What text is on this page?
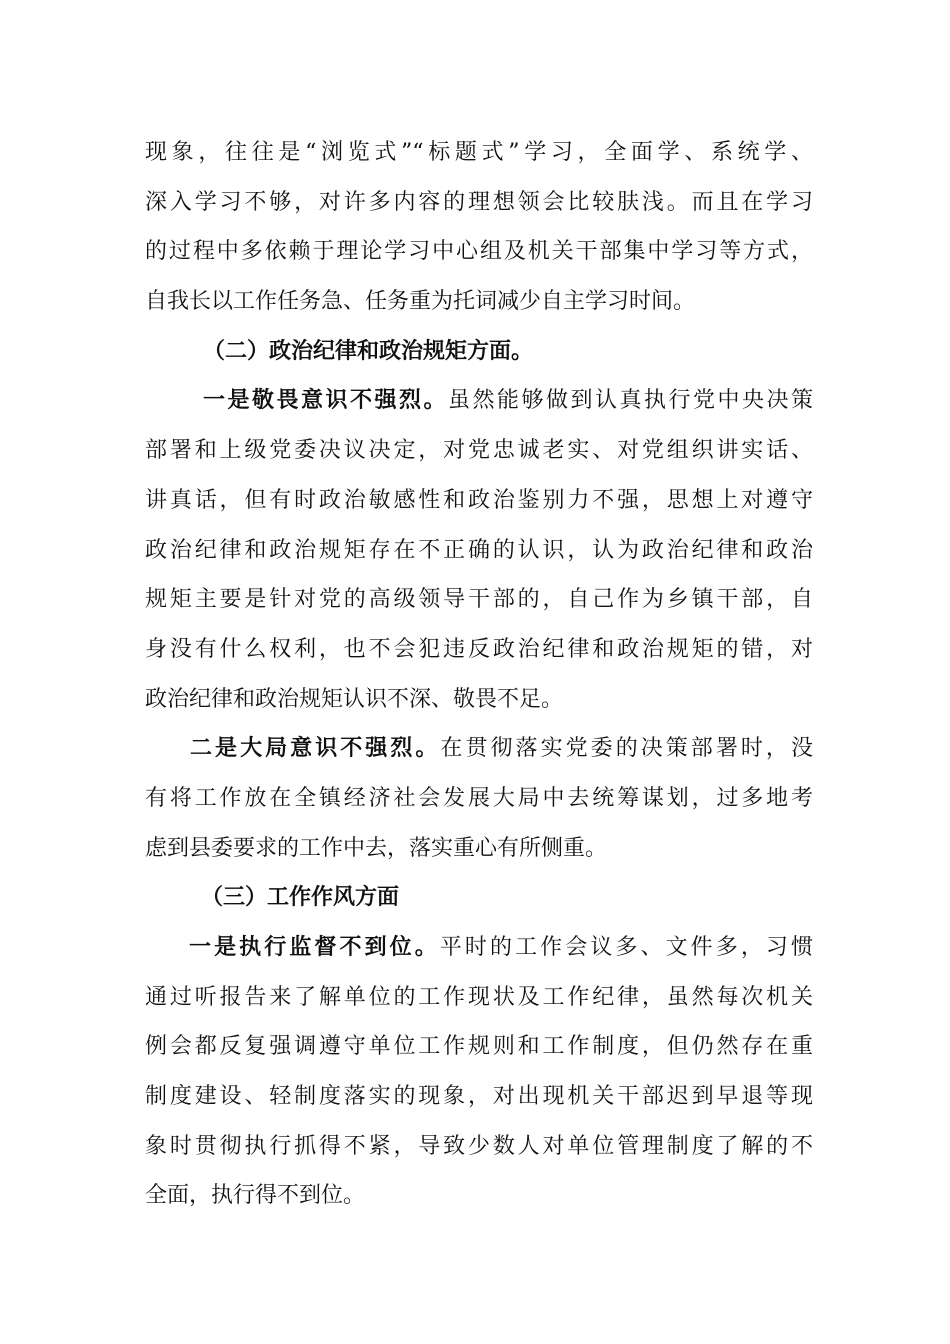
现象，往往是“浏览式”“标题式”学习，全面学、系统学、
深入学习不够，对许多内容的理想领会比较肤浅。而且在学习
的过程中多依赖于理论学习中心组及机关干部集中学习等方式，
自我长以工作任务急、任务重为托词减少自主学习时间。
（二）政治纪律和政治规矩方面。
一是敬畏意识不强烈。虽然能够做到认真执行党中央决策
部署和上级党委决议决定，对党忠诚老实、对党组织讲实话、
讲真话，但有时政治敏感性和政治鉴别力不强，思想上对遵守
政治纪律和政治规矩存在不正确的认识，认为政治纪律和政治
规矩主要是针对党的高级领导干部的，自己作为乡镇干部，自
身没有什么权利，也不会犯违反政治纪律和政治规矩的错，对
政治纪律和政治规矩认识不深、敬畏不足。
二是大局意识不强烈。在贯彻落实党委的决策部署时，没
有将工作放在全镇经济社会发展大局中去统筹谋划，过多地考
虑到县委要求的工作中去，落实重心有所侧重。
（三）工作作风方面
一是执行监督不到位。平时的工作会议多、文件多，习惯
通过听报告来了解单位的工作现状及工作纪律，虽然每次机关
例会都反复强调遵守单位工作规则和工作制度，但仍然存在重
制度建设、轻制度落实的现象，对出现机关干部迟到早退等现
象时贯彻执行抓得不紧，导致少数人对单位管理制度了解的不
全面，执行得不到位。
